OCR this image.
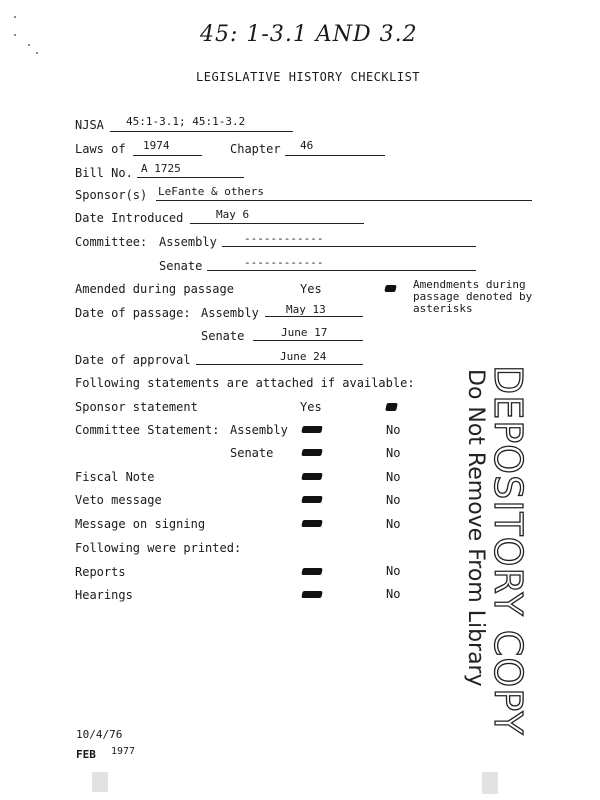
45: 1-3.1 AND 3.2
LEGISLATIVE HISTORY CHECKLIST
NJSA 45:1-3.1; 45:1-3.2
Laws of 1974	Chapter 46
Bill No. A 1725
Sponsor(s) LeFante & others
Date Introduced	May 6
Committee: Assembly ------------
Senate	------------
Amended during passage	Yes	Amendments during passage denoted by asterisks
Date of passage: Assembly May 13
Senate	June 17
Date of approval	June 24
Following statements are attached if available:
Sponsor statement	Yes
Committee Statement: Assembly	No
Senate	No
Fiscal Note	No
Veto message	No
Message on signing	No
Following were printed:
Reports	No
Hearings	No DEPOSITORY COPY
Do Not Remove From Library
10/4/76
FEB 1977
